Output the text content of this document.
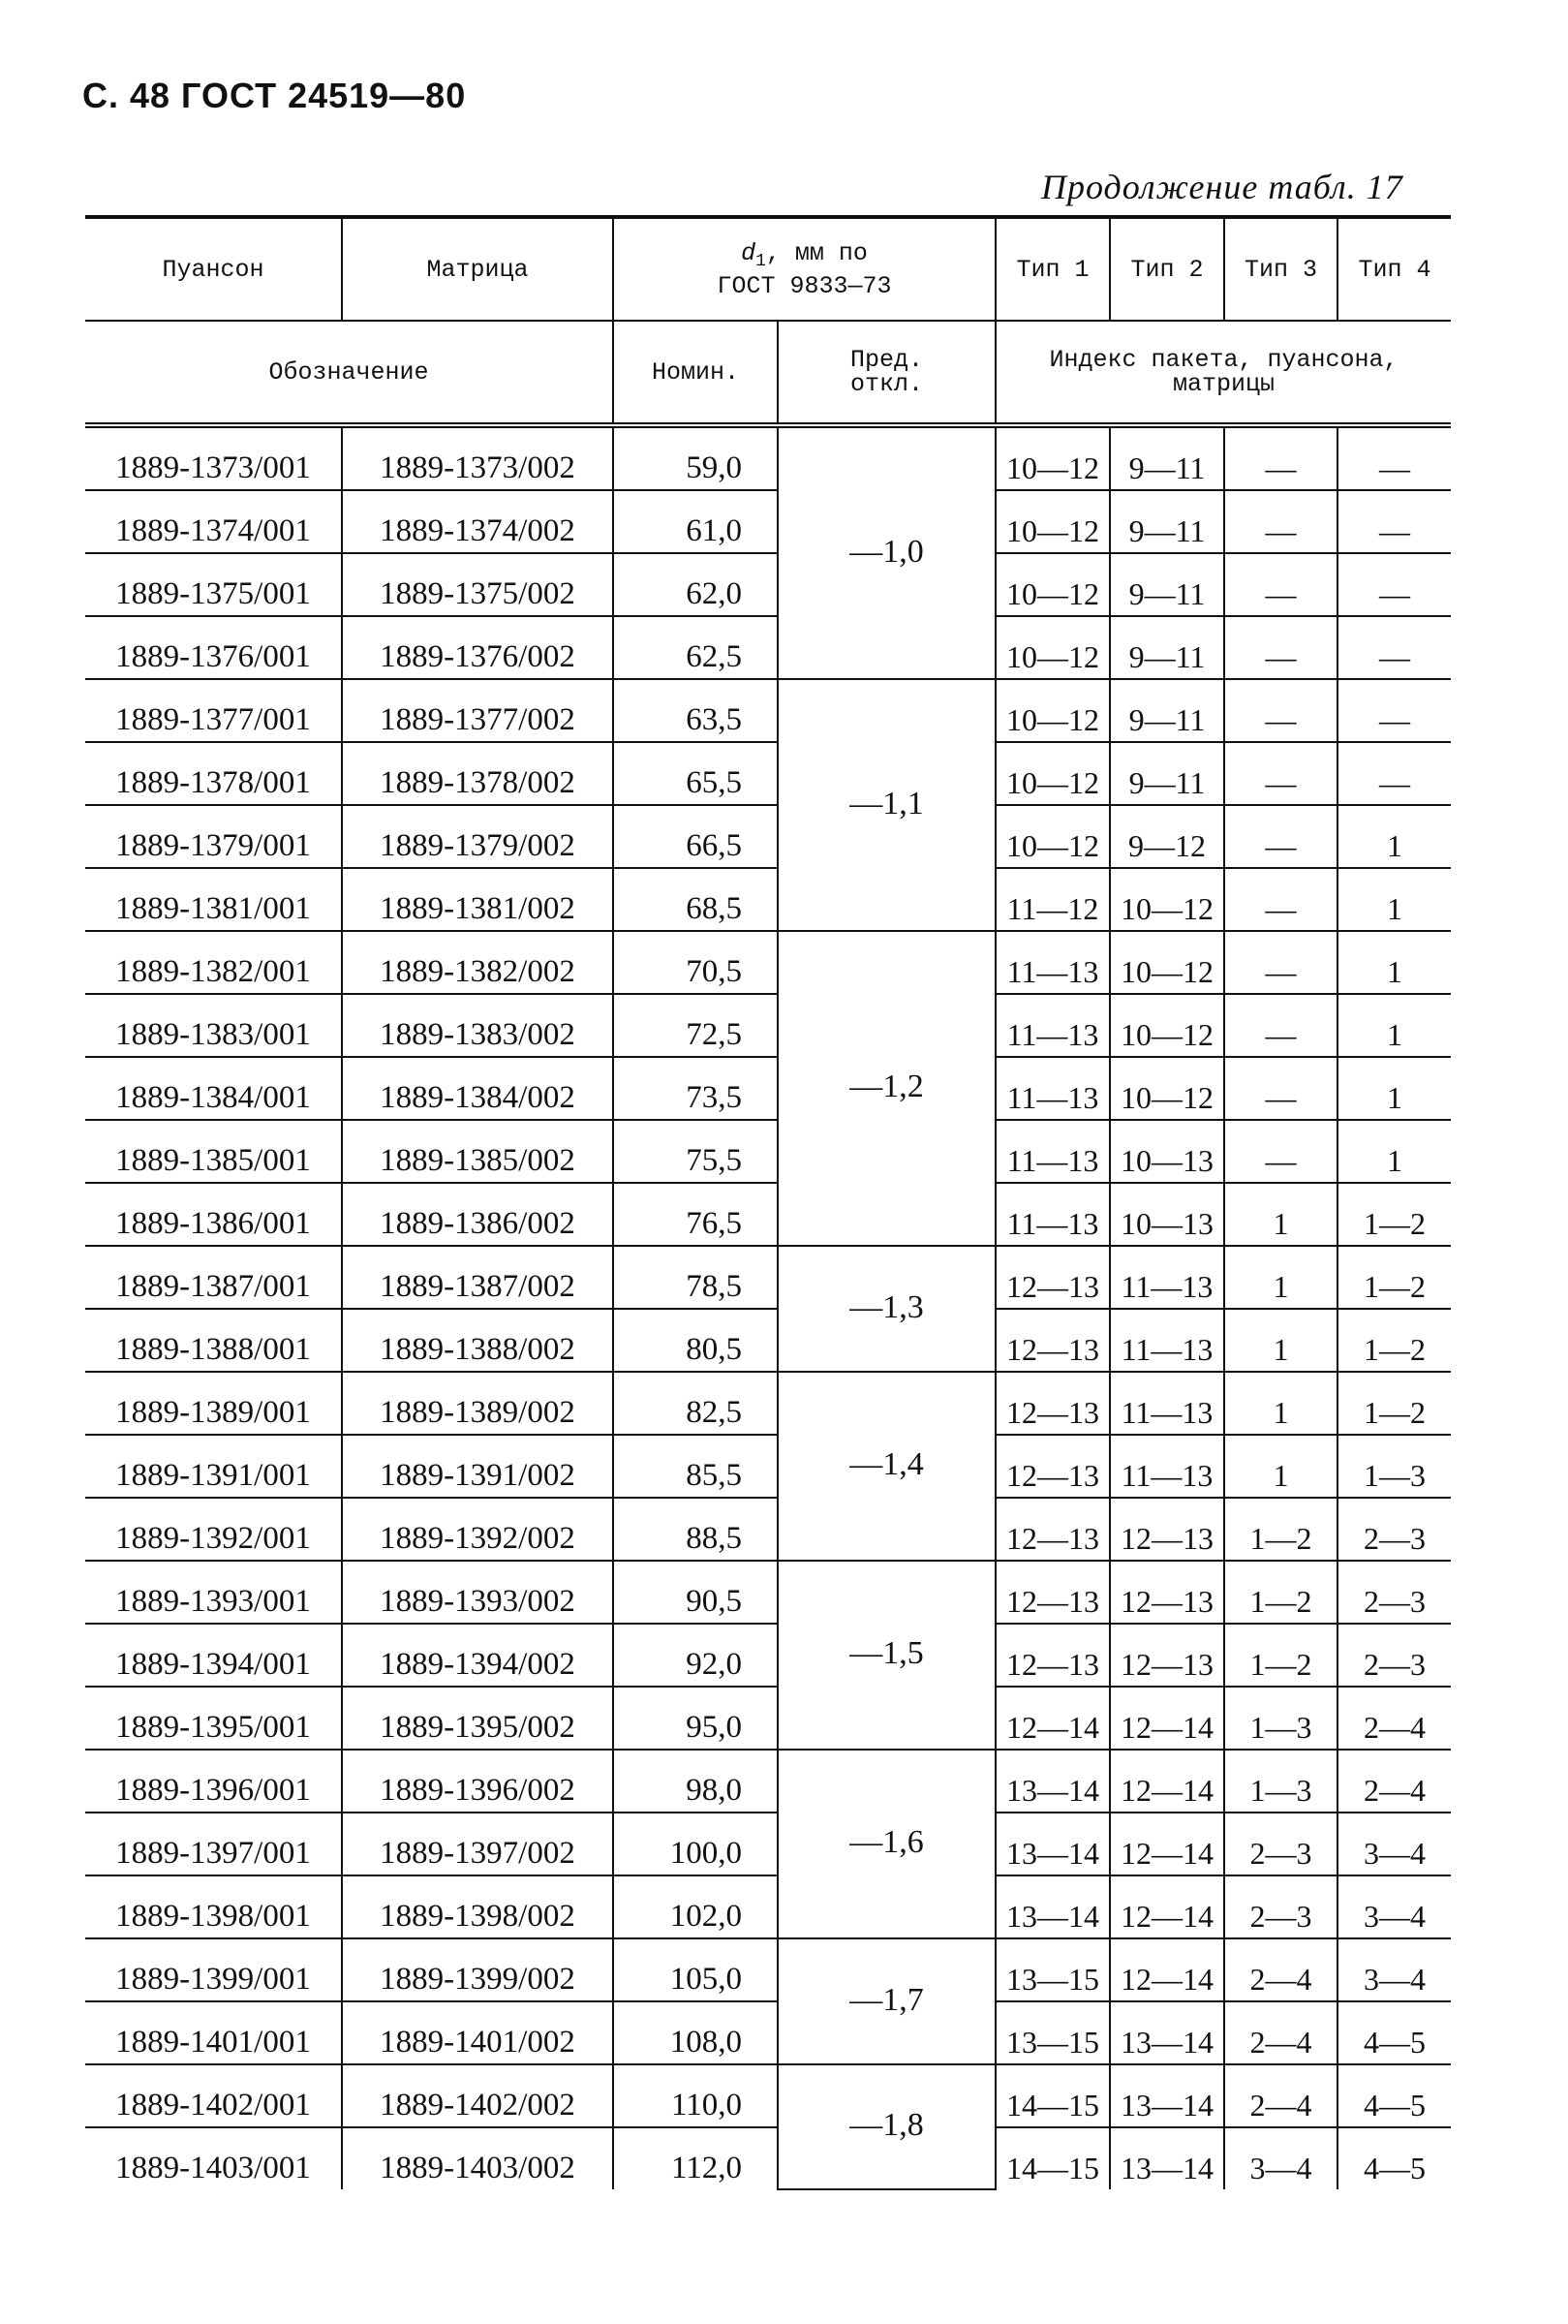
С. 48 ГОСТ 24519—80
Продолжение табл. 17
Пуансон	Матрица	$d_1$, мм по
ГОСТ 9833—73		Тип 1	Тип 2	Тип 3	Тип 4
Обозначение		Номин.	Пред.
откл.	Индекс пакета, пуансона,
матрицы			
1889-1373/001	1889-1373/002	59,0	—1,0	10—12	9—11	—	—
1889-1374/001	1889-1374/002	61,0		10—12	9—11	—	—
1889-1375/001	1889-1375/002	62,0		10—12	9—11	—	—
1889-1376/001	1889-1376/002	62,5		10—12	9—11	—	—
1889-1377/001	1889-1377/002	63,5	—1,1	10—12	9—11	—	—
1889-1378/001	1889-1378/002	65,5		10—12	9—11	—	—
1889-1379/001	1889-1379/002	66,5		10—12	9—12	—	1
1889-1381/001	1889-1381/002	68,5		11—12	10—12	—	1
1889-1382/001	1889-1382/002	70,5	—1,2	11—13	10—12	—	1
1889-1383/001	1889-1383/002	72,5		11—13	10—12	—	1
1889-1384/001	1889-1384/002	73,5		11—13	10—12	—	1
1889-1385/001	1889-1385/002	75,5		11—13	10—13	—	1
1889-1386/001	1889-1386/002	76,5		11—13	10—13	1	1—2
1889-1387/001	1889-1387/002	78,5	—1,3	12—13	11—13	1	1—2
1889-1388/001	1889-1388/002	80,5		12—13	11—13	1	1—2
1889-1389/001	1889-1389/002	82,5	—1,4	12—13	11—13	1	1—2
1889-1391/001	1889-1391/002	85,5		12—13	11—13	1	1—3
1889-1392/001	1889-1392/002	88,5		12—13	12—13	1—2	2—3
1889-1393/001	1889-1393/002	90,5	—1,5	12—13	12—13	1—2	2—3
1889-1394/001	1889-1394/002	92,0		12—13	12—13	1—2	2—3
1889-1395/001	1889-1395/002	95,0		12—14	12—14	1—3	2—4
1889-1396/001	1889-1396/002	98,0	—1,6	13—14	12—14	1—3	2—4
1889-1397/001	1889-1397/002	100,0		13—14	12—14	2—3	3—4
1889-1398/001	1889-1398/002	102,0		13—14	12—14	2—3	3—4
1889-1399/001	1889-1399/002	105,0	—1,7	13—15	12—14	2—4	3—4
1889-1401/001	1889-1401/002	108,0		13—15	13—14	2—4	4—5
1889-1402/001	1889-1402/002	110,0	—1,8	14—15	13—14	2—4	4—5
1889-1403/001	1889-1403/002	112,0		14—15	13—14	3—4	4—5
